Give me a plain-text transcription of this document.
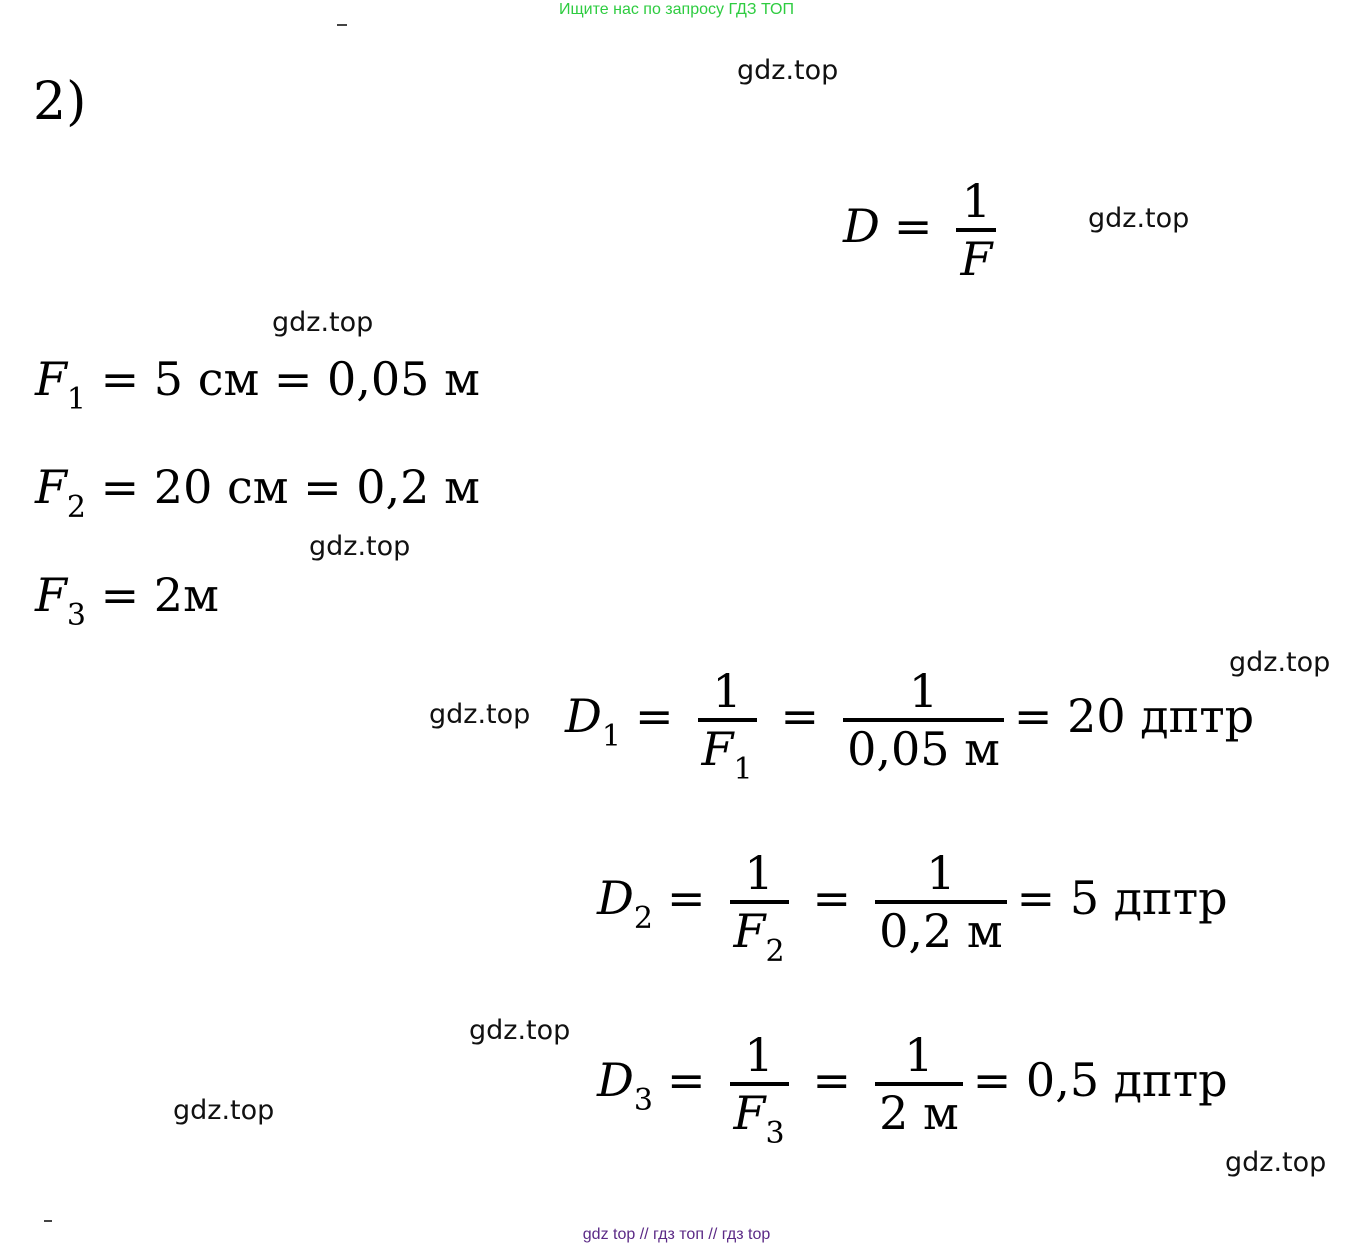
Ищите нас по запросу ГДЗ ТОП
2)
gdz.top
gdz.top
gdz.top
gdz.top
gdz.top
gdz.top
gdz.top
gdz.top
gdz.top
$D = \frac{1}{F}$
$F_1 = 5$ см = 0,05 м
$F_2 = 20$ см = 0,2 м
$F_3 = 2м$
$D_1 = \frac{1}{F_1} = \frac{1}{0,05 м} = 20$ дптр
$D_2 = \frac{1}{F_2} = \frac{1}{0,2 м} = 5$ дптр
$D_3 = \frac{1}{F_3} = \frac{1}{2 м} = 0,5$ дптр
gdz top // гдз топ // гдз top
